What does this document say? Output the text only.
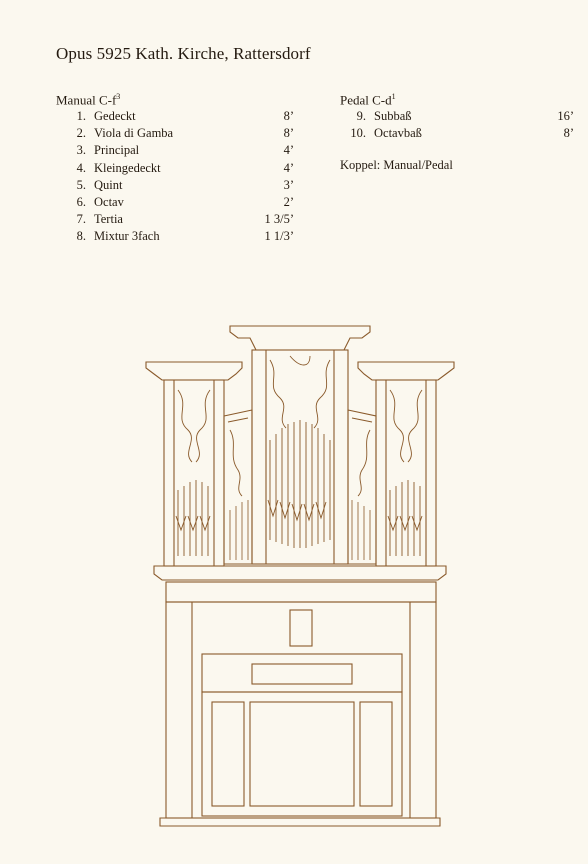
Opus 5925 Kath. Kirche, Rattersdorf
Manual $C-f^3$
1. Gedeckt	8’
2. Viola di Gamba	8’
3. Principal	4’
4. Kleingedeckt	4’
5. Quint	3’
6. Octav	2’
7. Tertia	1 3/5’
8. Mixtur 3fach	1 1/3’
Pedal $C-d^1$
9. Subbaß	16’
10. Octavbaß	8’
Koppel: Manual/Pedal
